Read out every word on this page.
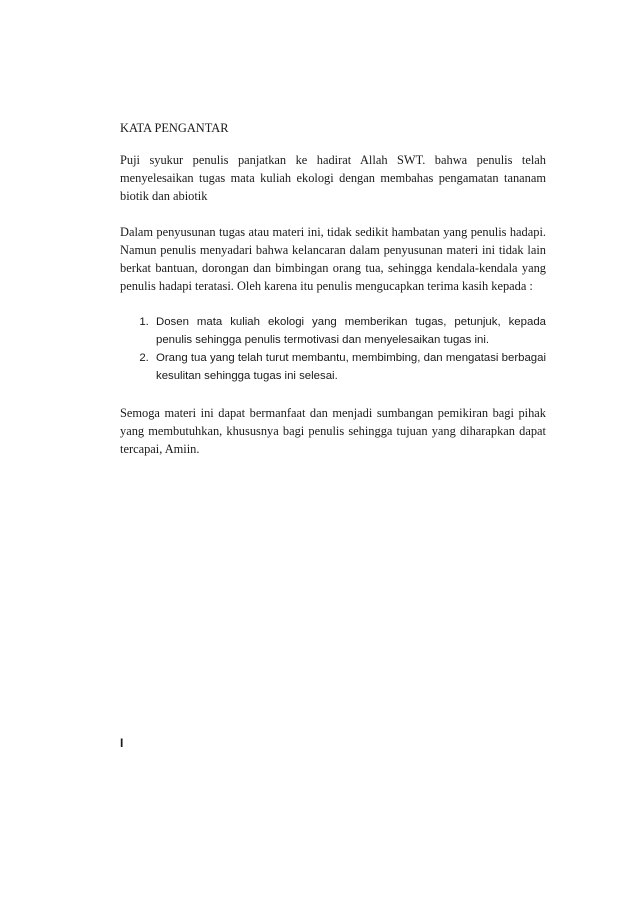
KATA PENGANTAR

Puji syukur penulis panjatkan ke hadirat Allah SWT. bahwa penulis telah menyelesaikan tugas mata kuliah ekologi dengan membahas pengamatan tananam biotik dan abiotik

Dalam penyusunan tugas atau materi ini, tidak sedikit hambatan yang penulis hadapi. Namun penulis menyadari bahwa kelancaran dalam penyusunan materi ini tidak lain berkat bantuan, dorongan dan bimbingan orang tua, sehingga kendala-kendala yang penulis hadapi teratasi. Oleh karena itu penulis mengucapkan terima kasih kepada :

1. Dosen mata kuliah ekologi yang memberikan tugas, petunjuk, kepada penulis sehingga penulis termotivasi dan menyelesaikan tugas ini.
2. Orang tua yang telah turut membantu, membimbing, dan mengatasi berbagai kesulitan sehingga tugas ini selesai.

Semoga materi ini dapat bermanfaat dan menjadi sumbangan pemikiran bagi pihak yang membutuhkan, khususnya bagi penulis sehingga tujuan yang diharapkan dapat tercapai, Amiin.

I
